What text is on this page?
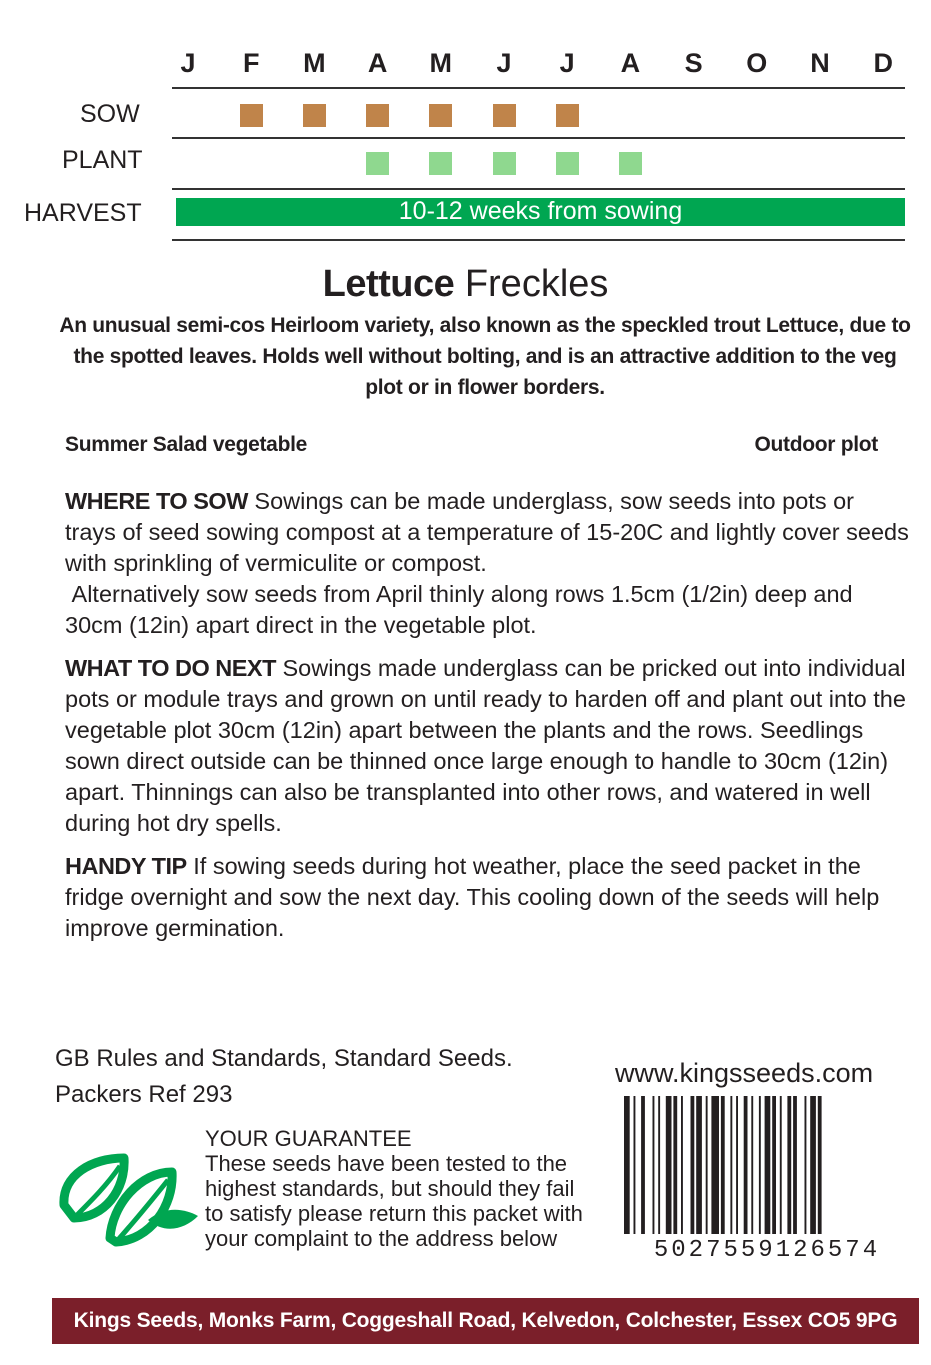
J	F	M	A	M	J	J	A	S	O	N	D
SOW
PLANT
HARVEST	10-12 weeks from sowing
Lettuce Freckles
An unusual semi-cos Heirloom variety, also known as the speckled trout Lettuce, due to the spotted leaves. Holds well without bolting, and is an attractive addition to the veg plot or in flower borders.
Summer Salad vegetable	Outdoor plot

WHERE TO SOW Sowings can be made underglass, sow seeds into pots or trays of seed sowing compost at a temperature of 15-20C and lightly cover seeds with sprinkling of vermiculite or compost.
Alternatively sow seeds from April thinly along rows 1.5cm (1/2in) deep and 30cm (12in) apart direct in the vegetable plot.

WHAT TO DO NEXT Sowings made underglass can be pricked out into individual pots or module trays and grown on until ready to harden off and plant out into the vegetable plot 30cm (12in) apart between the plants and the rows. Seedlings sown direct outside can be thinned once large enough to handle to 30cm (12in) apart. Thinnings can also be transplanted into other rows, and watered in well during hot dry spells.

HANDY TIP If sowing seeds during hot weather, place the seed packet in the fridge overnight and sow the next day. This cooling down of the seeds will help improve germination.

GB Rules and Standards, Standard Seeds.
Packers Ref 293
www.kingsseeds.com
YOUR GUARANTEE
These seeds have been tested to the highest standards, but should they fail to satisfy please return this packet with your complaint to the address below	5027559126574
Kings Seeds, Monks Farm, Coggeshall Road, Kelvedon, Colchester, Essex CO5 9PG
